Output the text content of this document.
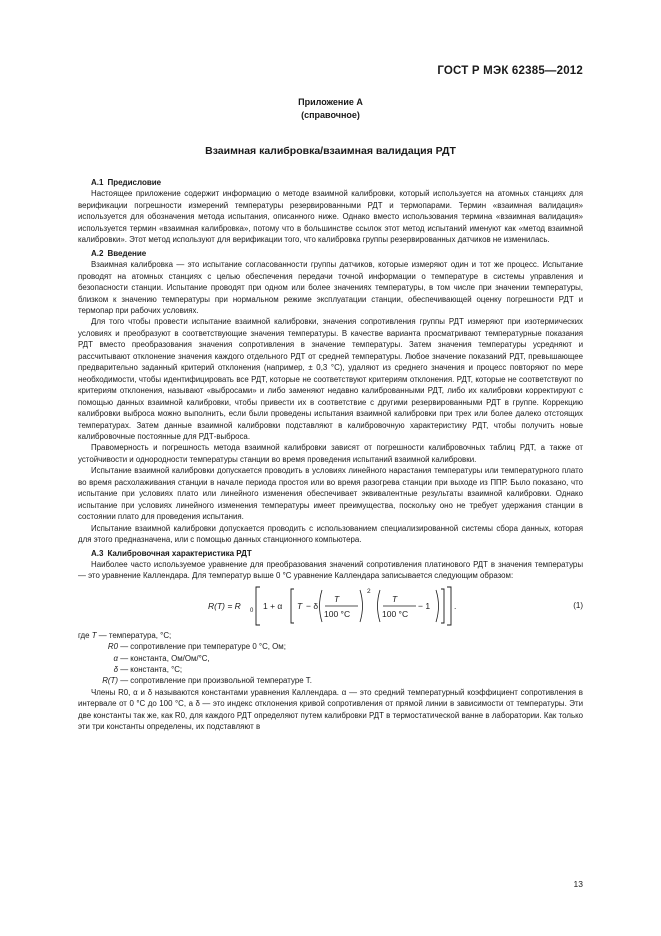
ГОСТ Р МЭК 62385—2012
Приложение А
(справочное)
Взаимная калибровка/взаимная валидация РДТ
А.1 Предисловие

Настоящее приложение содержит информацию о методе взаимной калибровки, который используется на атомных станциях для верификации погрешности измерений температуры резервированными РДТ и термопарами. Термин «взаимная валидация» используется для обозначения метода испытания, описанного ниже. Однако вместо использования термина «взаимная валидация» используется термин «взаимная калибровка», потому что в большинстве ссылок этот метод испытаний именуют как «метод взаимной калибровки». Этот метод используют для верификации того, что калибровка группы резервированных датчиков не изменилась.

А.2 Введение

Взаимная калибровка — это испытание согласованности группы датчиков, которые измеряют один и тот же процесс. Испытание проводят на атомных станциях с целью обеспечения передачи точной информации о температуре в системы управления и безопасности станции. Испытание проводят при одном или более значениях температуры, в том числе при значении температуры, близком к значению температуры при нормальном режиме эксплуатации станции, обеспечивающей оценку погрешности РДТ и термопар при рабочих условиях.

Для того чтобы провести испытание взаимной калибровки, значения сопротивления группы РДТ измеряют при изотермических условиях и преобразуют в соответствующие значения температуры. В качестве варианта просматривают температурные показания РДТ вместо преобразования значения сопротивления в значение температуры. Затем значения температуры усредняют и рассчитывают отклонение значения каждого отдельного РДТ от средней температуры. Любое значение показаний РДТ, превышающее предварительно заданный критерий отклонения (например, ± 0,3 °С), удаляют из среднего значения и процесс повторяют по мере необходимости, чтобы идентифицировать все РДТ, которые не соответствуют критериям отклонения. РДТ, которые не соответствуют по критериям отклонения, называют «выбросами» и либо заменяют недавно калиброванными РДТ, либо их калибровки корректируют с помощью данных взаимной калибровки, чтобы привести их в соответствие с другими резервированными РДТ в группе. Коррекцию калибровки выброса можно выполнить, если были проведены испытания взаимной калибровки при трех или более далеко отстоящих температурах. Затем данные взаимной калибровки подставляют в калибровочную характеристику РДТ, чтобы получить новые калибровочные постоянные для РДТ-выброса.

Правомерность и погрешность метода взаимной калибровки зависят от погрешности калибровочных таблиц РДТ, а также от устойчивости и однородности температуры станции во время проведения испытаний взаимной калибровки.

Испытание взаимной калибровки допускается проводить в условиях линейного нарастания температуры или температурного плато во время расхолаживания станции в начале периода простоя или во время разогрева станции при выходе из ППР. Было показано, что испытание при условиях плато или линейного изменения обеспечивает эквивалентные результаты взаимной калибровки. Однако испытание при условиях линейного изменения температуры имеет преимущества, поскольку оно не требует удержания станции в состоянии плато для проведения испытания.

Испытание взаимной калибровки допускается проводить с использованием специализированной системы сбора данных, которая для этого предназначена, или с помощью данных станционного компьютера.

А.3 Калибровочная характеристика РДТ

Наиболее часто используемое уравнение для преобразования значений сопротивления платинового РДТ в значения температуры — это уравнение Каллендара. Для температур выше 0 °С уравнение Каллендара записывается следующим образом:

R(T) = R 0 1 + α T − δ
T
100 °C
2
T
100 °C
− 1	.	(1)
где T — температура, °С;
R0 — сопротивление при температуре 0 °С, Ом;
α — константа, Ом/Ом/°С,
δ — константа, °С;
R(T) — сопротивление при произвольной температуре T.

Члены R0, α и δ называются константами уравнения Каллендара. α — это средний температурный коэффициент сопротивления в интервале от 0 °С до 100 °С, а δ — это индекс отклонения кривой сопротивления от прямой линии в зависимости от температуры. Эти две константы так же, как R0, для каждого РДТ определяют путем калибровки РДТ в термостатической ванне в лаборатории. Как только эти три константы определены, их подставляют в

13
